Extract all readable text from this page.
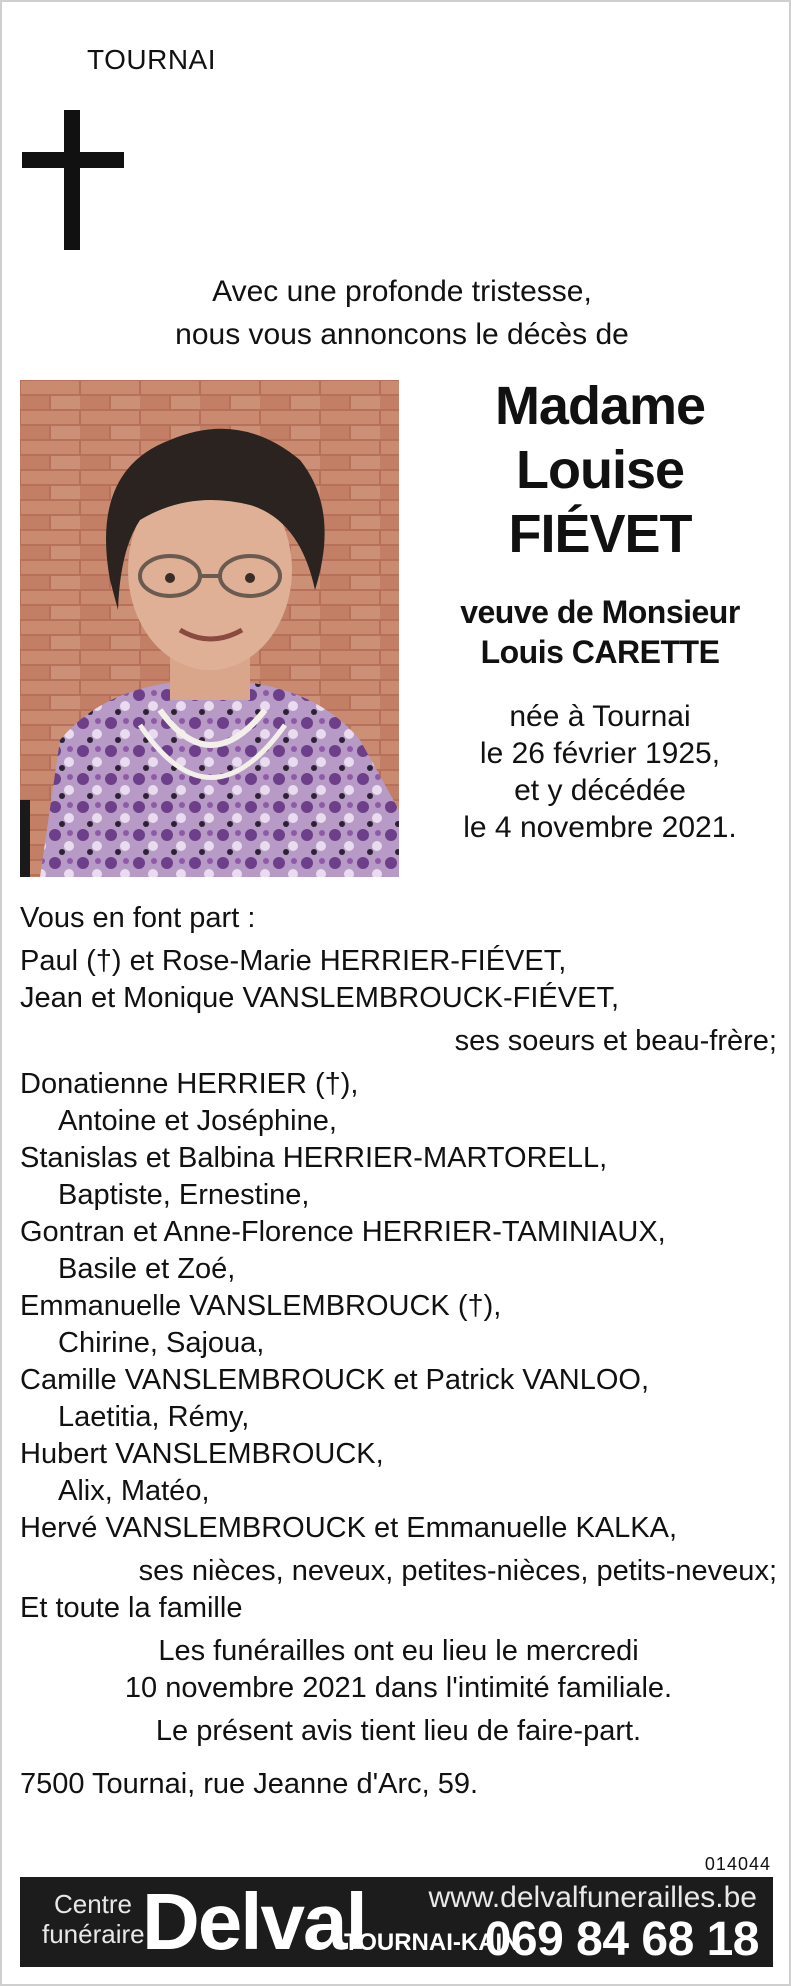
TOURNAI
Avec une profonde tristesse,
nous vous annoncons le décès de
Madame
Louise
FIÉVET
veuve de Monsieur
Louis CARETTE
née à Tournai
le 26 février 1925,
et y décédée
le 4 novembre 2021.
Vous en font part :
Paul (†) et Rose-Marie HERRIER-FIÉVET,
Jean et Monique VANSLEMBROUCK-FIÉVET,
ses soeurs et beau-frère;
Donatienne HERRIER (†),
Antoine et Joséphine,
Stanislas et Balbina HERRIER-MARTORELL,
Baptiste, Ernestine,
Gontran et Anne-Florence HERRIER-TAMINIAUX,
Basile et Zoé,
Emmanuelle VANSLEMBROUCK (†),
Chirine, Sajoua,
Camille VANSLEMBROUCK et Patrick VANLOO,
Laetitia, Rémy,
Hubert VANSLEMBROUCK,
Alix, Matéo,
Hervé VANSLEMBROUCK et Emmanuelle KALKA,
ses nièces, neveux, petites-nièces, petits-neveux;
Et toute la famille
Les funérailles ont eu lieu le mercredi
10 novembre 2021 dans l'intimité familiale.
Le présent avis tient lieu de faire-part.
7500 Tournai, rue Jeanne d'Arc, 59.
014044
Centre
funéraire
Delval www.delvalfunerailles.be
TOURNAI-KAIN
069 84 68 18
